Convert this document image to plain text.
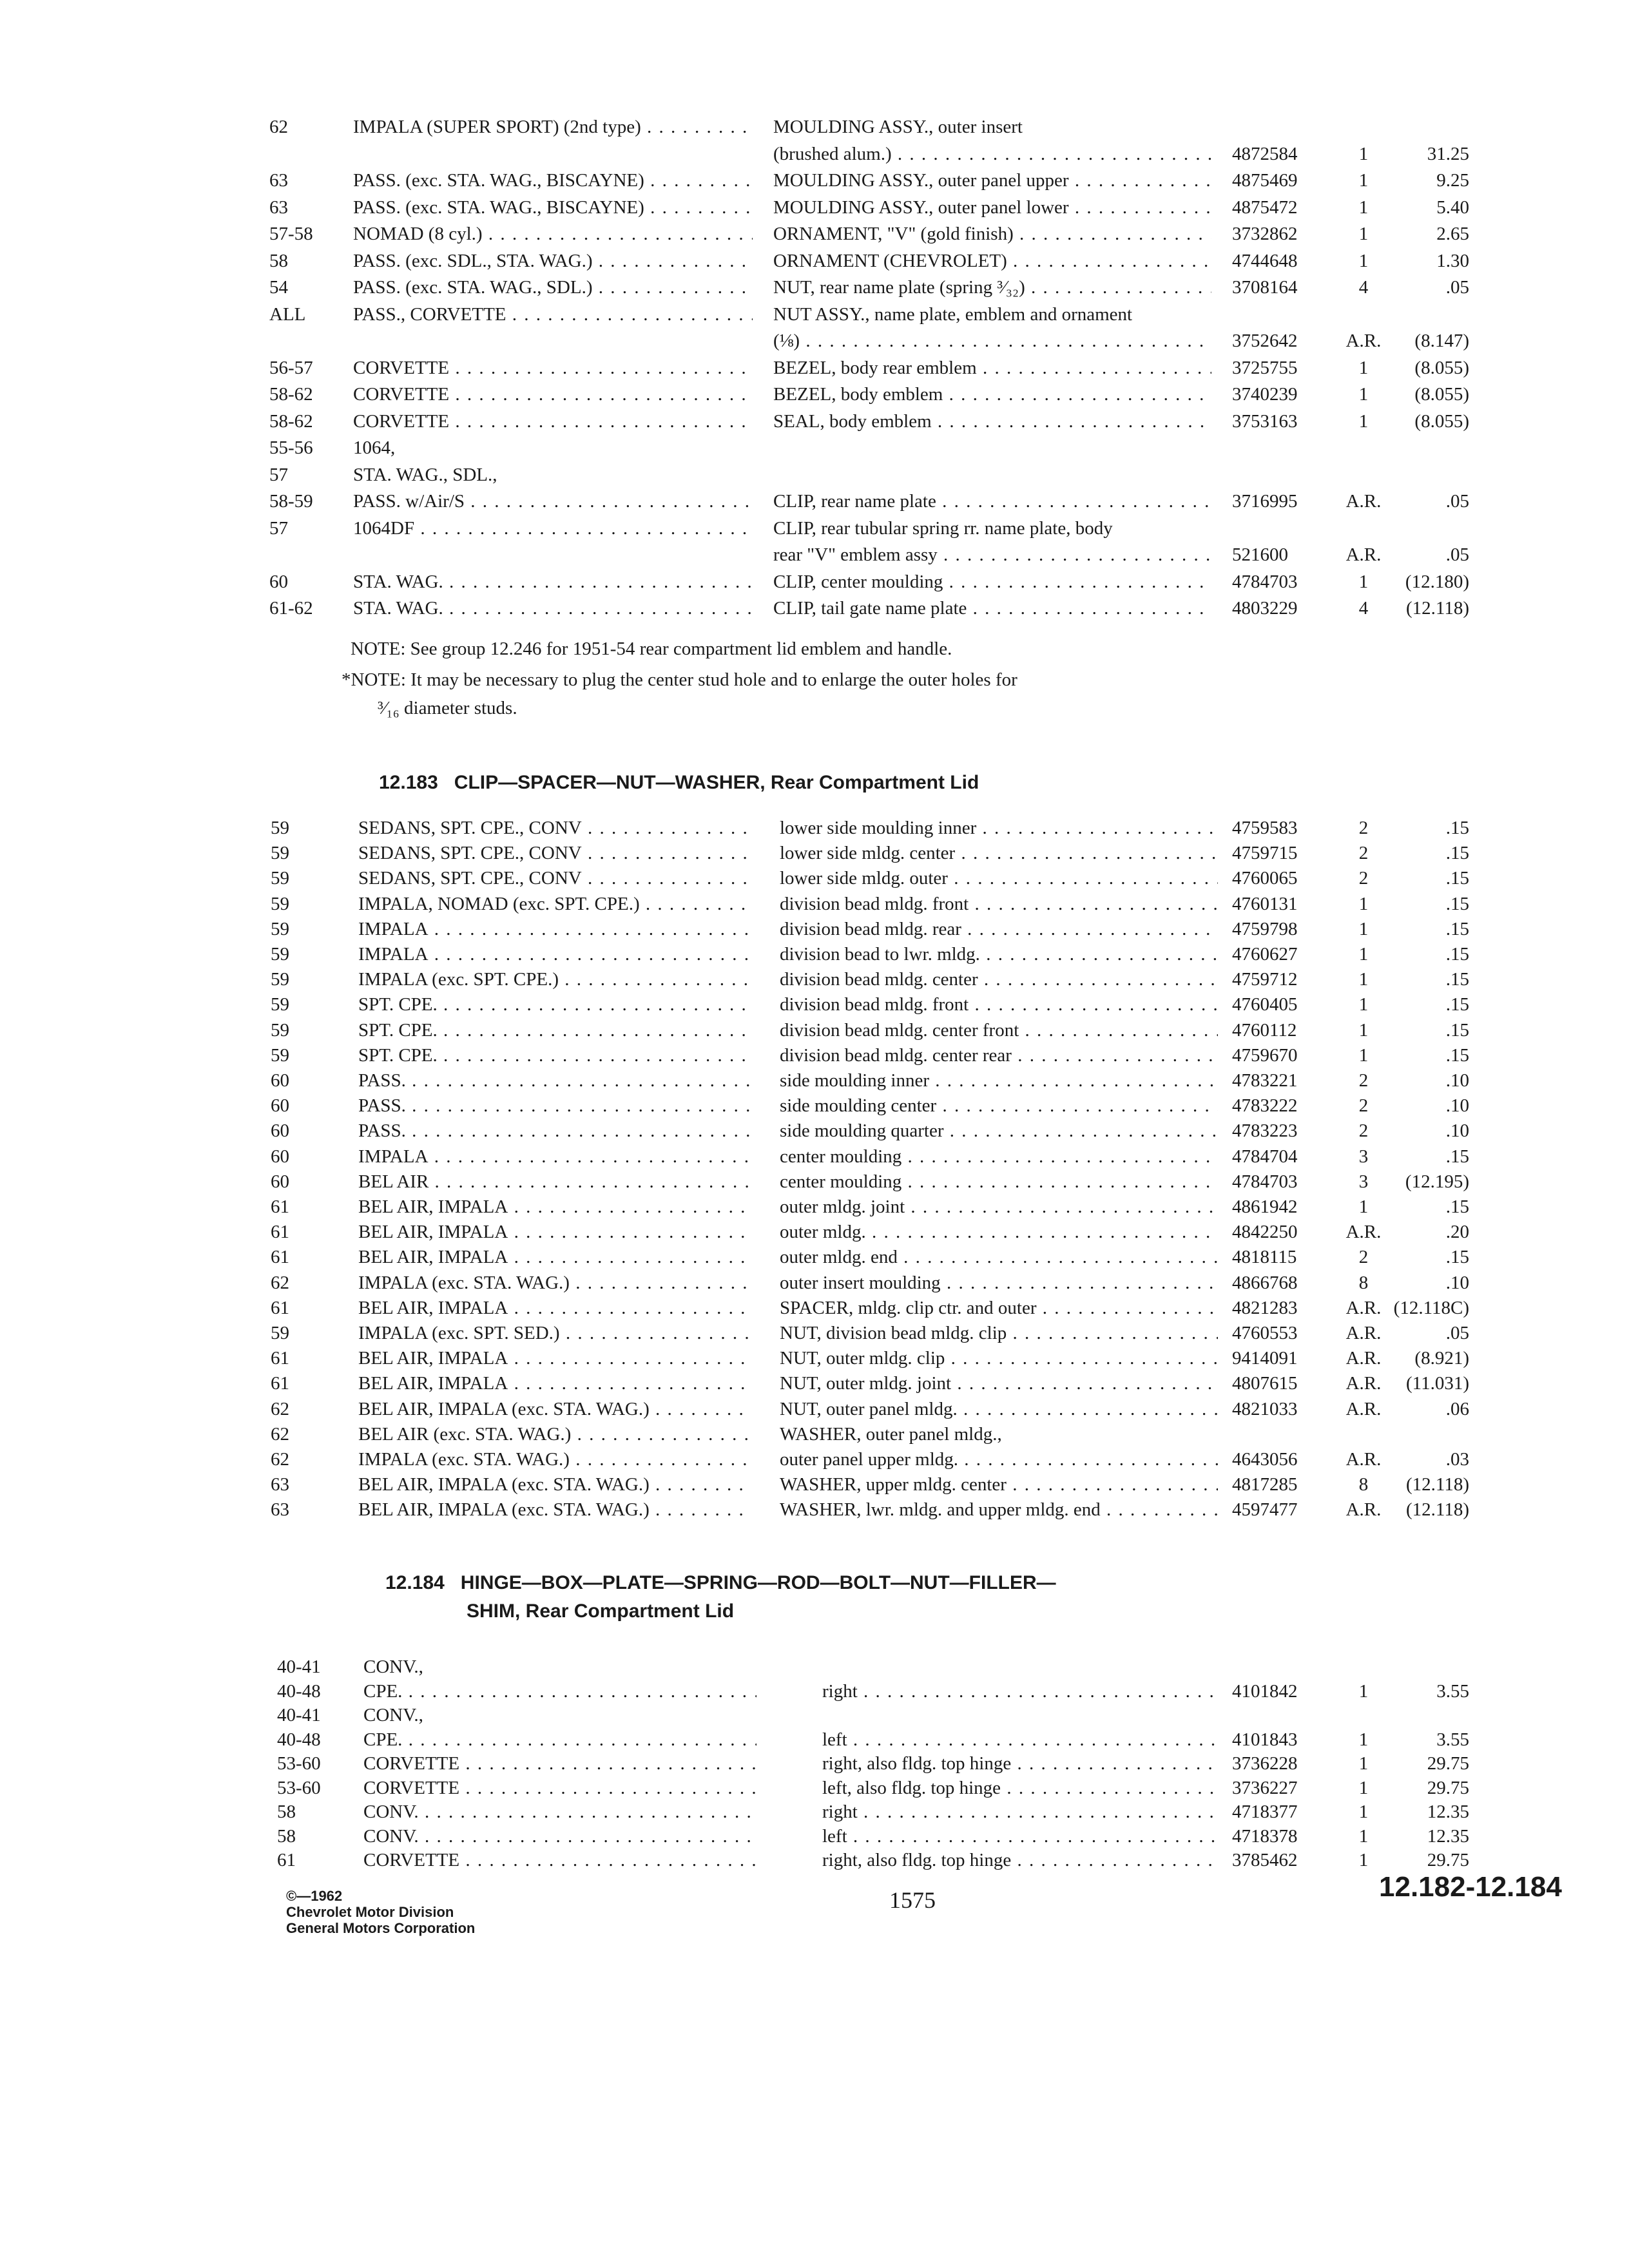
62	IMPALA (SUPER SPORT) (2nd type) . . .	MOULDING ASSY., outer insert
(brushed alum.) . . .	4872584	1	31.25
63	PASS. (exc. STA. WAG., BISCAYNE) . . .	MOULDING ASSY., outer panel upper . . .	4875469	1	9.25
63	PASS. (exc. STA. WAG., BISCAYNE) . . .	MOULDING ASSY., outer panel lower . . .	4875472	1	5.40
57-58	NOMAD (8 cyl.) . . .	ORNAMENT, "V" (gold finish) . . .	3732862	1	2.65
58	PASS. (exc. SDL., STA. WAG.) . . .	ORNAMENT (CHEVROLET) . . .	4744648	1	1.30
54	PASS. (exc. STA. WAG., SDL.) . . .	NUT, rear name plate (spring ³⁄₃₂) . . .	3708164	4	.05
ALL	PASS., CORVETTE . . .	NUT ASSY., name plate, emblem and ornament
(⅛) . . .	3752642	A.R.	(8.147)
56-57	CORVETTE . . .	BEZEL, body rear emblem . . .	3725755	1	(8.055)
58-62	CORVETTE . . .	BEZEL, body emblem . . .	3740239	1	(8.055)
58-62	CORVETTE . . .	SEAL, body emblem . . .	3753163	1	(8.055)
55-56	1064,
57	STA. WAG., SDL.,
58-59	PASS. w/Air/S . . .	CLIP, rear name plate . . .	3716995	A.R.	.05
57	1064DF . . .	CLIP, rear tubular spring rr. name plate, body
rear "V" emblem assy . . .	521600	A.R.	.05
60	STA. WAG. . . .	CLIP, center moulding . . .	4784703	1	(12.180)
61-62	STA. WAG. . . .	CLIP, tail gate name plate . . .	4803229	4	(12.118)
NOTE: See group 12.246 for 1951-54 rear compartment lid emblem and handle.
*NOTE: It may be necessary to plug the center stud hole and to enlarge the outer holes for
³⁄₁₆ diameter studs.
12.183 CLIP—SPACER—NUT—WASHER, Rear Compartment Lid
59	SEDANS, SPT. CPE., CONV . . .	lower side moulding inner . . .	4759583	2	.15
59	SEDANS, SPT. CPE., CONV . . .	lower side mldg. center . . .	4759715	2	.15
59	SEDANS, SPT. CPE., CONV . . .	lower side mldg. outer . . .	4760065	2	.15
59	IMPALA, NOMAD (exc. SPT. CPE.) . . .	division bead mldg. front . . .	4760131	1	.15
59	IMPALA . . .	division bead mldg. rear . . .	4759798	1	.15
59	IMPALA . . .	division bead to lwr. mldg. . . .	4760627	1	.15
59	IMPALA (exc. SPT. CPE.) . . .	division bead mldg. center . . .	4759712	1	.15
59	SPT. CPE. . . .	division bead mldg. front . . .	4760405	1	.15
59	SPT. CPE. . . .	division bead mldg. center front . . .	4760112	1	.15
59	SPT. CPE. . . .	division bead mldg. center rear . . .	4759670	1	.15
60	PASS. . . .	side moulding inner . . .	4783221	2	.10
60	PASS. . . .	side moulding center . . .	4783222	2	.10
60	PASS. . . .	side moulding quarter . . .	4783223	2	.10
60	IMPALA . . .	center moulding . . .	4784704	3	.15
60	BEL AIR . . .	center moulding . . .	4784703	3	(12.195)
61	BEL AIR, IMPALA . . .	outer mldg. joint . . .	4861942	1	.15
61	BEL AIR, IMPALA . . .	outer mldg. . . .	4842250	A.R.	.20
61	BEL AIR, IMPALA . . .	outer mldg. end . . .	4818115	2	.15
62	IMPALA (exc. STA. WAG.) . . .	outer insert moulding . . .	4866768	8	.10
61	BEL AIR, IMPALA . . .	SPACER, mldg. clip ctr. and outer . . .	4821283	A.R. (12.118C)
59	IMPALA (exc. SPT. SED.) . . .	NUT, division bead mldg. clip . . .	4760553	A.R.	.05
61	BEL AIR, IMPALA . . .	NUT, outer mldg. clip . . .	9414091	A.R.	(8.921)
61	BEL AIR, IMPALA . . .	NUT, outer mldg. joint . . .	4807615	A.R.	(11.031)
62	BEL AIR, IMPALA (exc. STA. WAG.) . . .	NUT, outer panel mldg. . . .	4821033	A.R.	.06
62	BEL AIR (exc. STA. WAG.) . . .	WASHER, outer panel mldg.,
62	IMPALA (exc. STA. WAG.) . . .	outer panel upper mldg. . . .	4643056	A.R.	.03
63	BEL AIR, IMPALA (exc. STA. WAG.) . . .	WASHER, upper mldg. center . . .	4817285	8	(12.118)
63	BEL AIR, IMPALA (exc. STA. WAG.) . . .	WASHER, lwr. mldg. and upper mldg. end . . .	4597477	A.R.	(12.118)
12.184 HINGE—BOX—PLATE—SPRING—ROD—BOLT—NUT—FILLER—
SHIM, Rear Compartment Lid
40-41	CONV.,
40-48	CPE. . . .	right . . .	4101842	1	3.55
40-41	CONV.,
40-48	CPE. . . .	left . . .	4101843	1	3.55
53-60	CORVETTE . . .	right, also fldg. top hinge . . .	3736228	1	29.75
53-60	CORVETTE . . .	left, also fldg. top hinge . . .	3736227	1	29.75
58	CONV. . . .	right . . .	4718377	1	12.35
58	CONV. . . .	left . . .	4718378	1	12.35
61	CORVETTE . . .	right, also fldg. top hinge . . .	3785462	1	29.75
©—1962
Chevrolet Motor Division
General Motors Corporation
1575	12.182-12.184
